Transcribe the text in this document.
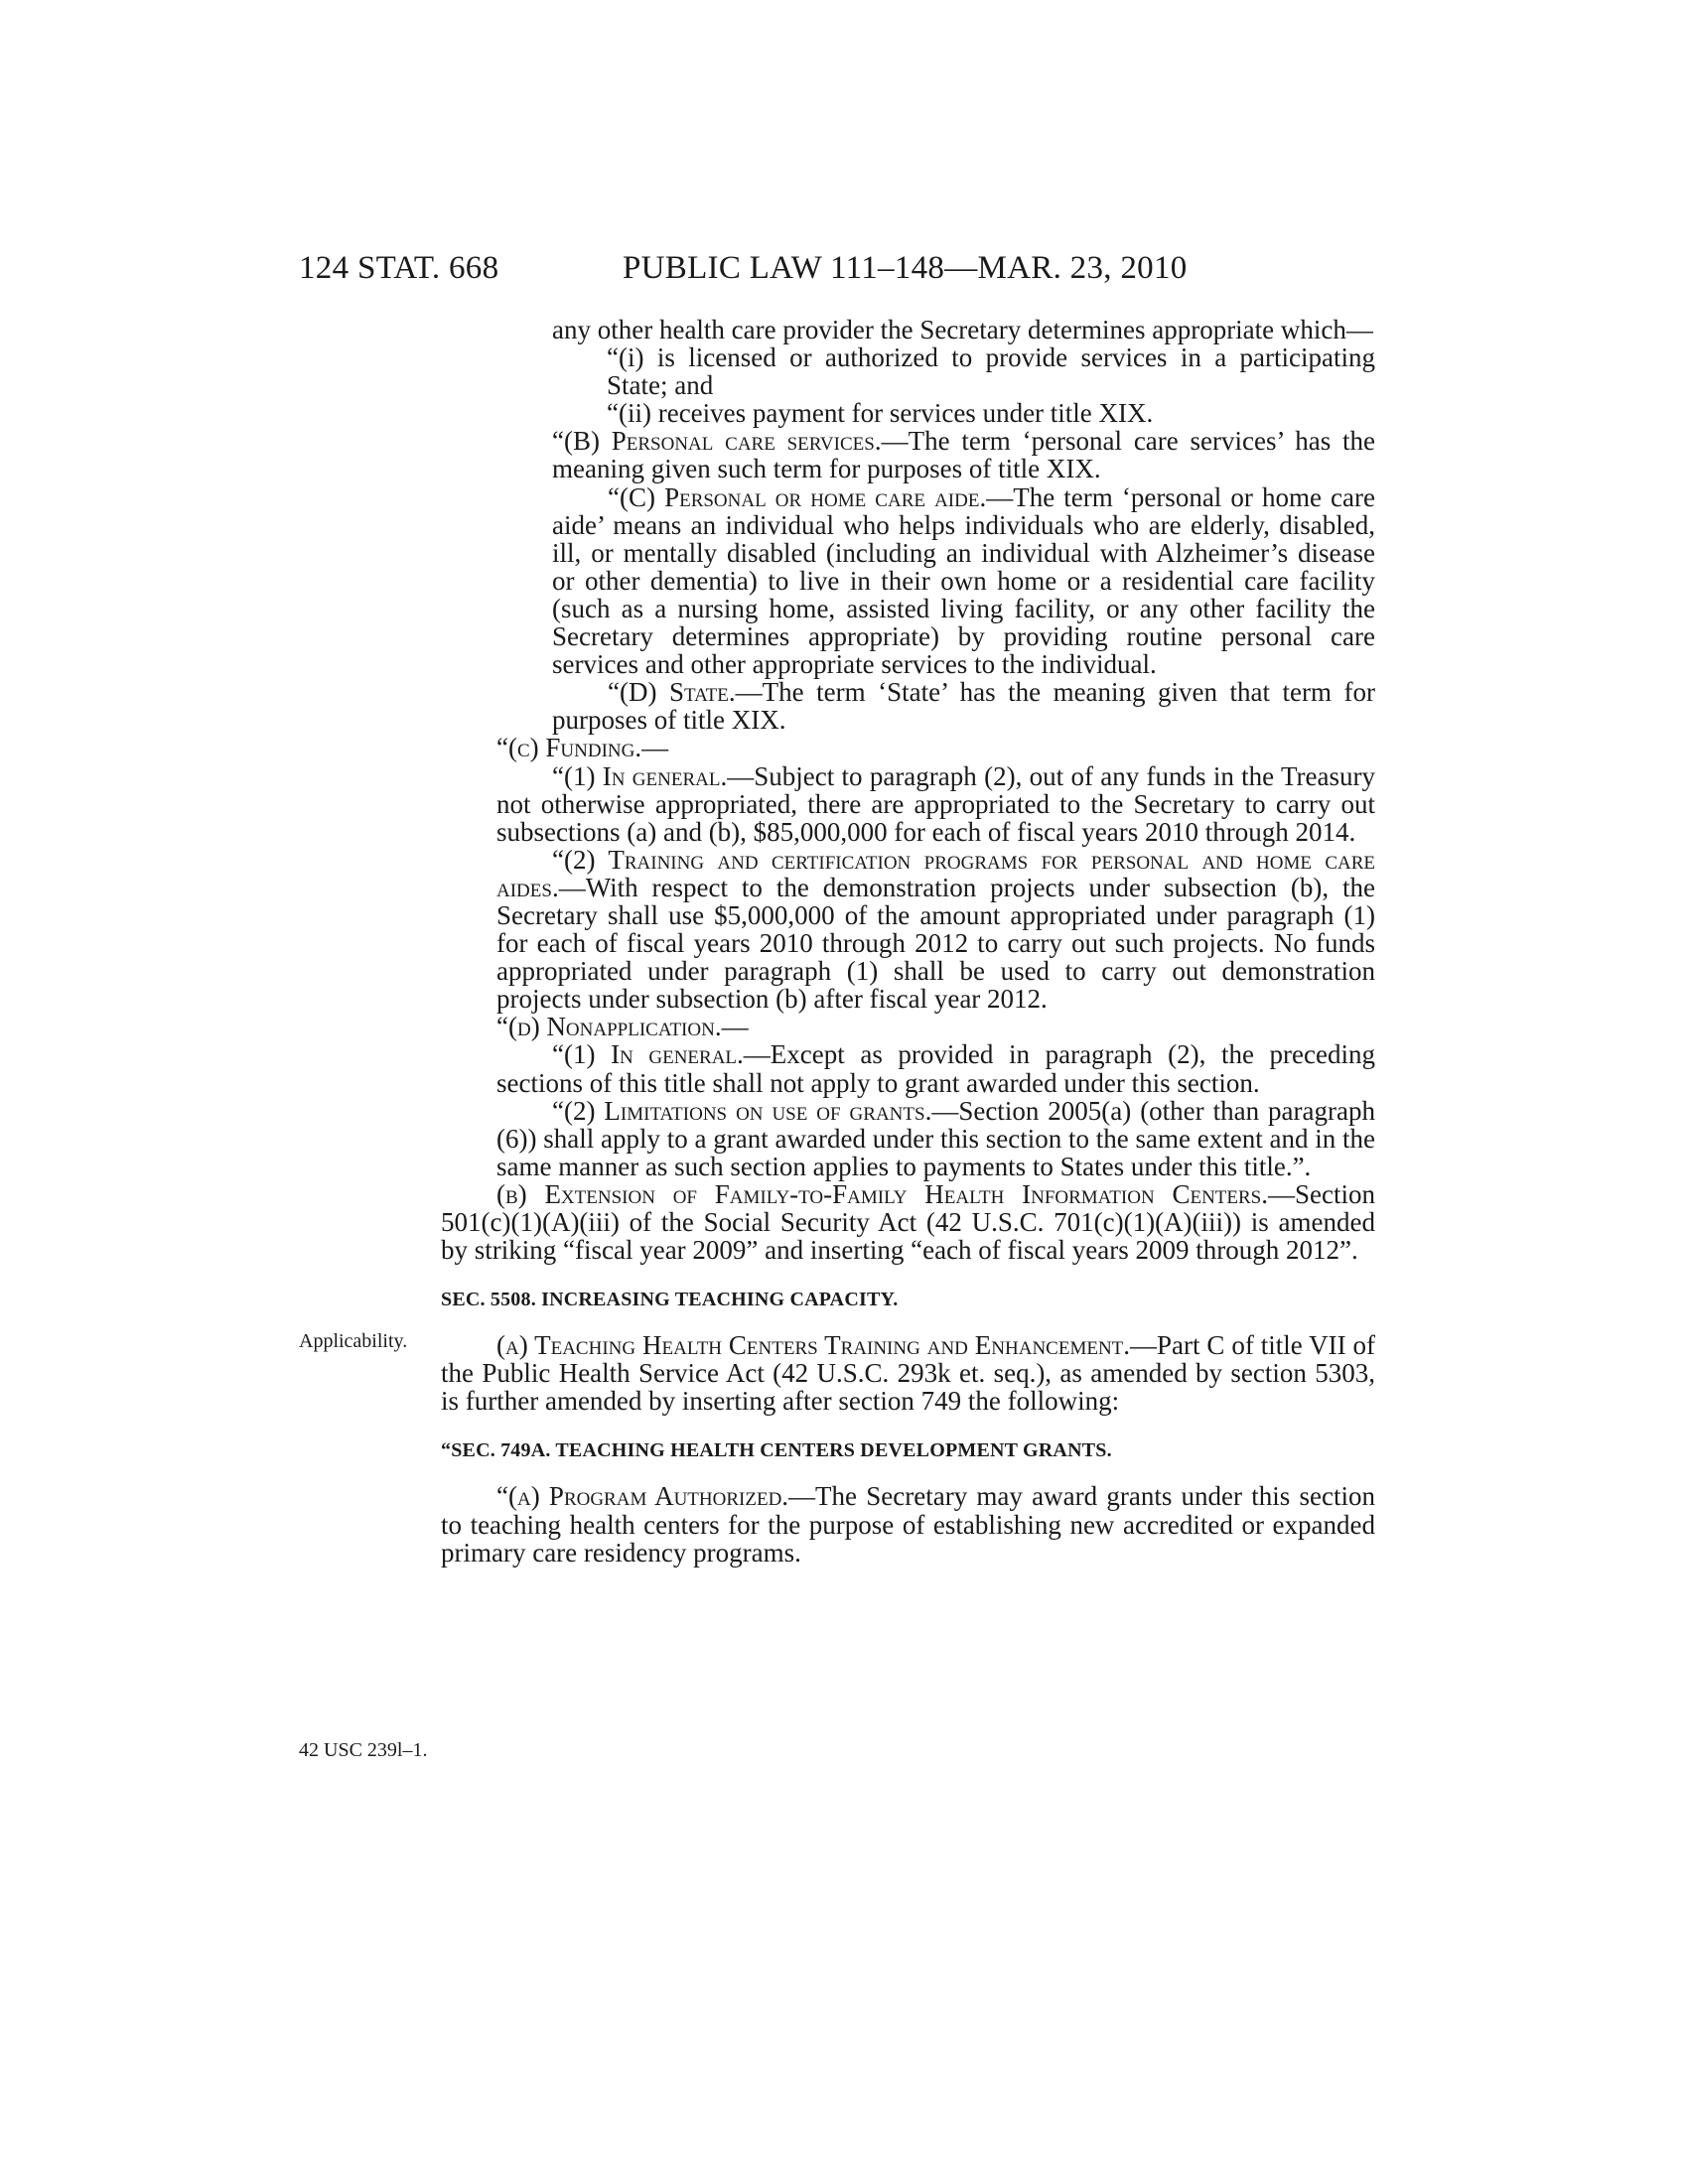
124 STAT. 668	PUBLIC LAW 111–148—MAR. 23, 2010
Applicability.
42 USC 239l–1.

any other health care provider the Secretary determines appropriate which—

“(i) is licensed or authorized to provide services in a participating State; and

“(ii) receives payment for services under title XIX.

“(B) Personal care services.—The term ‘personal care services’ has the meaning given such term for purposes of title XIX.

“(C) Personal or home care aide.—The term ‘personal or home care aide’ means an individual who helps individuals who are elderly, disabled, ill, or mentally disabled (including an individual with Alzheimer’s disease or other dementia) to live in their own home or a residential care facility (such as a nursing home, assisted living facility, or any other facility the Secretary determines appropriate) by providing routine personal care services and other appropriate services to the individual.

“(D) State.—The term ‘State’ has the meaning given that term for purposes of title XIX.

“(c) Funding.—

“(1) In general.—Subject to paragraph (2), out of any funds in the Treasury not otherwise appropriated, there are appropriated to the Secretary to carry out subsections (a) and (b), $85,000,000 for each of fiscal years 2010 through 2014.

“(2) Training and certification programs for personal and home care aides.—With respect to the demonstration projects under subsection (b), the Secretary shall use $5,000,000 of the amount appropriated under paragraph (1) for each of fiscal years 2010 through 2012 to carry out such projects. No funds appropriated under paragraph (1) shall be used to carry out demonstration projects under subsection (b) after fiscal year 2012.

“(d) Nonapplication.—

“(1) In general.—Except as provided in paragraph (2), the preceding sections of this title shall not apply to grant awarded under this section.

“(2) Limitations on use of grants.—Section 2005(a) (other than paragraph (6)) shall apply to a grant awarded under this section to the same extent and in the same manner as such section applies to payments to States under this title.”.

(b) Extension of Family-to-Family Health Information Centers.—Section 501(c)(1)(A)(iii) of the Social Security Act (42 U.S.C. 701(c)(1)(A)(iii)) is amended by striking “fiscal year 2009” and inserting “each of fiscal years 2009 through 2012”.

SEC. 5508. INCREASING TEACHING CAPACITY.

(a) Teaching Health Centers Training and Enhancement.—Part C of title VII of the Public Health Service Act (42 U.S.C. 293k et. seq.), as amended by section 5303, is further amended by inserting after section 749 the following:

“SEC. 749A. TEACHING HEALTH CENTERS DEVELOPMENT GRANTS.

“(a) Program Authorized.—The Secretary may award grants under this section to teaching health centers for the purpose of establishing new accredited or expanded primary care residency programs.
